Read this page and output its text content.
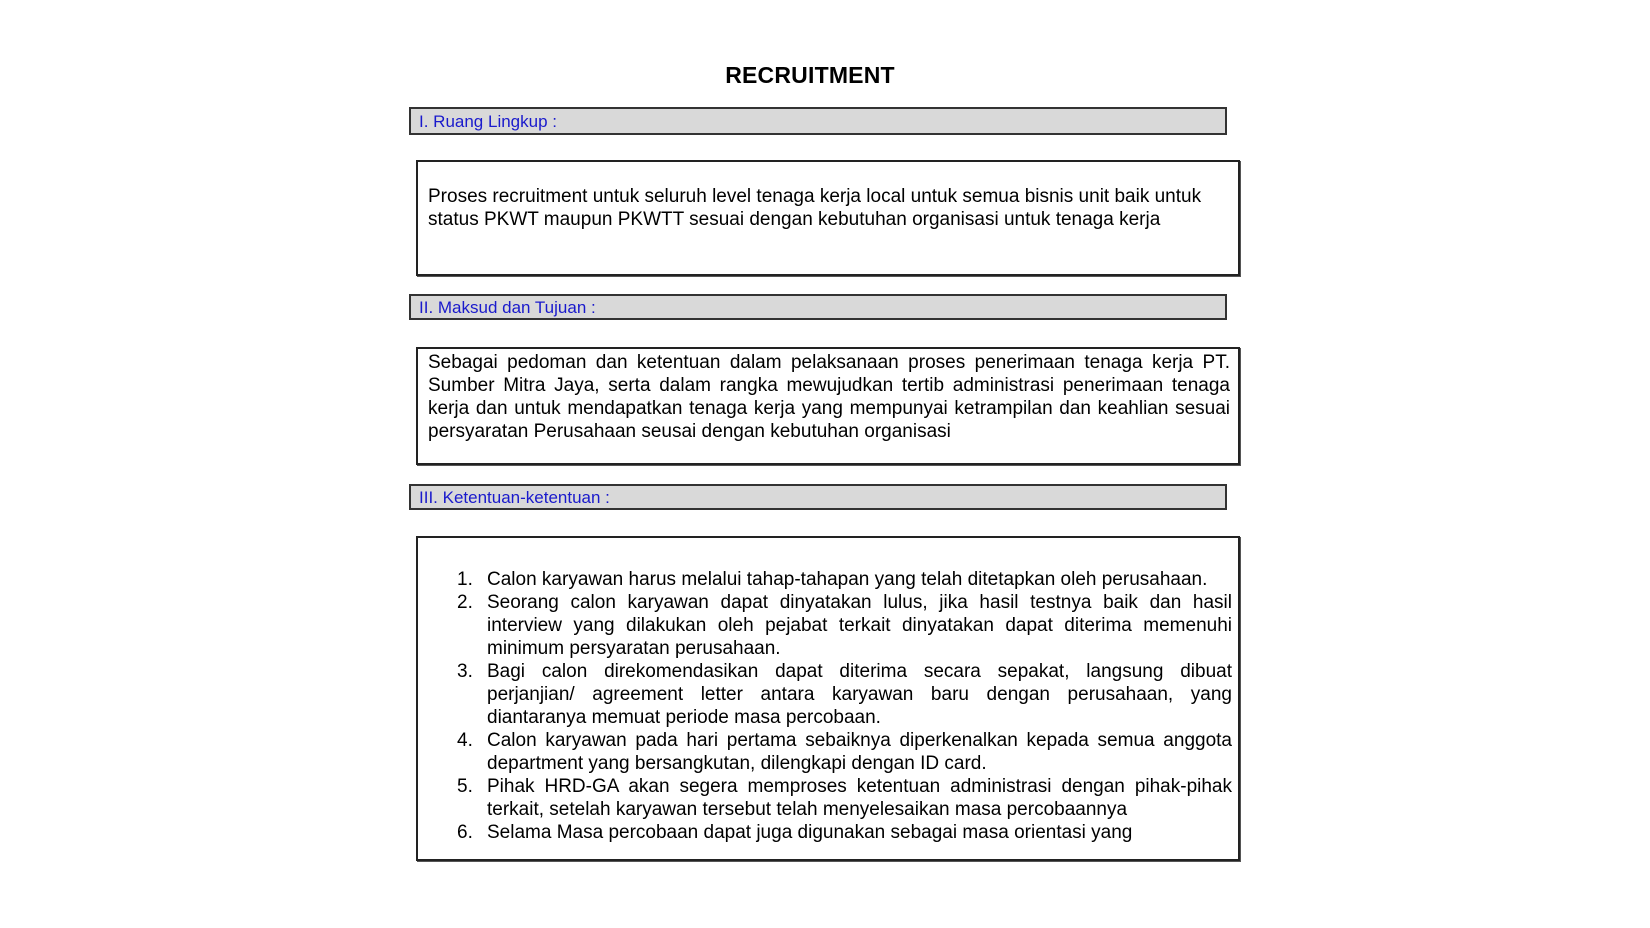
RECRUITMENT
I. Ruang Lingkup :
Proses recruitment untuk seluruh level tenaga kerja local untuk semua bisnis unit baik untuk status PKWT maupun PKWTT sesuai dengan kebutuhan organisasi untuk tenaga kerja
II. Maksud dan Tujuan :
Sebagai pedoman dan ketentuan dalam pelaksanaan proses penerimaan tenaga kerja PT. Sumber Mitra Jaya, serta dalam rangka mewujudkan tertib administrasi penerimaan tenaga kerja dan untuk mendapatkan tenaga kerja yang mempunyai ketrampilan dan keahlian sesuai persyaratan Perusahaan seusai dengan kebutuhan organisasi
III. Ketentuan-ketentuan :
1. Calon karyawan harus melalui tahap-tahapan yang telah ditetapkan oleh perusahaan.
2. Seorang calon karyawan dapat dinyatakan lulus, jika hasil testnya baik dan hasil interview yang dilakukan oleh pejabat terkait dinyatakan dapat diterima memenuhi minimum persyaratan perusahaan.
3. Bagi calon direkomendasikan dapat diterima secara sepakat, langsung dibuat perjanjian/ agreement letter antara karyawan baru dengan perusahaan, yang diantaranya memuat periode masa percobaan.
4. Calon karyawan pada hari pertama sebaiknya diperkenalkan kepada semua anggota department yang bersangkutan, dilengkapi dengan ID card.
5. Pihak HRD-GA akan segera memproses ketentuan administrasi dengan pihak-pihak terkait, setelah karyawan tersebut telah menyelesaikan masa percobaannya
6. Selama Masa percobaan dapat juga digunakan sebagai masa orientasi yang
